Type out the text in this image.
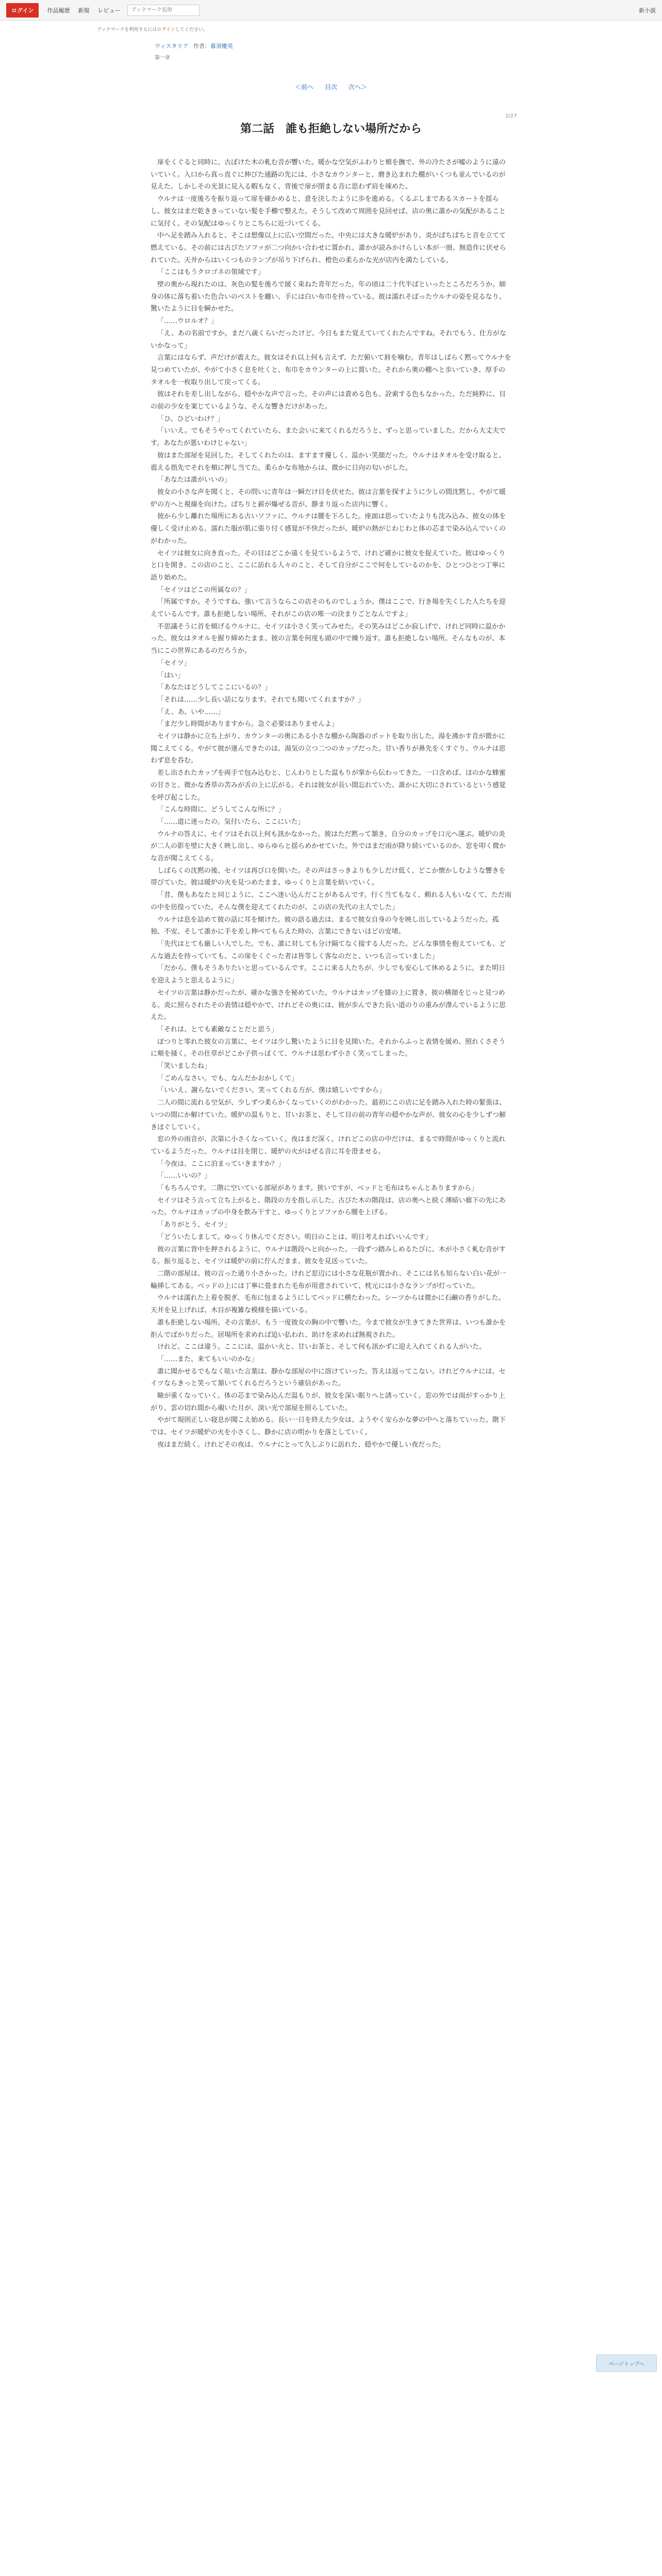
ログイン	作品履歴 新規 レビュー
ブックマーク追加	新小説
ブックマークを利用するにはログインしてください。
ウィスタリア 作者：暮須慶英
第一章
＜前へ 目次 次へ＞
2/27
第二話　誰も拒絶しない場所だから

扉をくぐると同時に、古ぼけた木の軋む音が響いた。暖かな空気がふわりと頬を撫で、外の冷たさが嘘のように遠のいていく。入口から真っ直ぐに伸びた通路の先には、小さなカウンターと、磨き込まれた棚がいくつも並んでいるのが見えた。しかしその光景に見入る暇もなく、背後で扉が閉まる音に思わず肩を竦めた。

ウルナは一度後ろを振り返って扉を確かめると、意を決したように歩を進める。くるぶしまであるスカートを揺らし、彼女はまだ乾ききっていない髪を手櫛で整えた。そうして改めて周囲を見回せば、店の奥に誰かの気配があることに気付く。その気配はゆっくりとこちらに近づいてくる。

中へ足を踏み入れると、そこは想像以上に広い空間だった。中央には大きな暖炉があり、炎がぱちぱちと音を立てて燃えている。その前には古びたソファが二つ向かい合わせに置かれ、誰かが読みかけらしい本が一冊、無造作に伏せられていた。天井からはいくつものランプが吊り下げられ、橙色の柔らかな光が店内を満たしている。

「ここはもうクロゴネの領域です」

壁の奥から現れたのは、灰色の髪を後ろで緩く束ねた青年だった。年の頃は二十代半ばといったところだろうか。細身の体に落ち着いた色合いのベストを纏い、手には白い布巾を持っている。彼は濡れそぼったウルナの姿を見るなり、驚いたように目を瞬かせた。

「……ウロルオ？」

「え、あの名前ですか。まだ八歳くらいだったけど、今日もまた覚えていてくれたんですね。それでもう、仕方がないかなって」

言葉にはならず、声だけが震えた。彼女はそれ以上何も言えず、ただ俯いて唇を噛む。青年はしばらく黙ってウルナを見つめていたが、やがて小さく息を吐くと、布巾をカウンターの上に置いた。それから奥の棚へと歩いていき、厚手のタオルを一枚取り出して戻ってくる。

彼はそれを差し出しながら、穏やかな声で言った。その声には責める色も、詮索する色もなかった。ただ純粋に、目の前の少女を案じているような、そんな響きだけがあった。

「ひ、ひどいわけ？」

「いいえ。でもそうやってくれていたら、また会いに来てくれるだろうと、ずっと思っていました。だから大丈夫です。あなたが悪いわけじゃない」

彼はまた部屋を見回した。そしてくれたのは、ますます優しく、温かい笑顔だった。ウルナはタオルを受け取ると、震える指先でそれを頬に押し当てた。柔らかな布地からは、微かに日向の匂いがした。

「あなたは誰がいいの」

彼女の小さな声を聞くと、その問いに青年は一瞬だけ目を伏せた。彼は言葉を探すように少しの間沈黙し、やがて暖炉の方へと視線を向けた。ぱちりと薪が爆ぜる音が、静まり返った店内に響く。

彼から少し離れた場所にある古いソファに、ウルナは腰を下ろした。座面は思っていたよりも沈み込み、彼女の体を優しく受け止める。濡れた服が肌に張り付く感覚が不快だったが、暖炉の熱がじわじわと体の芯まで染み込んでいくのがわかった。

セイツは彼女に向き直った。その目はどこか遠くを見ているようで、けれど確かに彼女を捉えていた。彼はゆっくりと口を開き、この店のこと、ここに訪れる人々のこと、そして自分がここで何をしているのかを、ひとつひとつ丁寧に語り始めた。

「セイツはどこの所属なの？」

「所属ですか。そうですね、強いて言うならこの店そのものでしょうか。僕はここで、行き場を失くした人たちを迎えているんです。誰も拒絶しない場所、それがこの店の唯一の決まりごとなんですよ」

不思議そうに首を傾げるウルナに、セイツは小さく笑ってみせた。その笑みはどこか寂しげで、けれど同時に温かかった。彼女はタオルを握り締めたまま、彼の言葉を何度も頭の中で繰り返す。誰も拒絶しない場所。そんなものが、本当にこの世界にあるのだろうか。

「セイツ」

「はい」

「あなたはどうしてここにいるの？」

「それは……少し長い話になります。それでも聞いてくれますか？」

「え、あ、いや……」

「まだ少し時間がありますから。急ぐ必要はありませんよ」

セイツは静かに立ち上がり、カウンターの奥にある小さな棚から陶器のポットを取り出した。湯を沸かす音が微かに聞こえてくる。やがて彼が運んできたのは、湯気の立つ二つのカップだった。甘い香りが鼻先をくすぐり、ウルナは思わず息を呑む。

差し出されたカップを両手で包み込むと、じんわりとした温もりが掌から伝わってきた。一口含めば、ほのかな蜂蜜の甘さと、微かな香草の苦みが舌の上に広がる。それは彼女が長い間忘れていた、誰かに大切にされているという感覚を呼び起こした。

「こんな時間に、どうしてこんな所に？」

「……道に迷ったの。気付いたら、ここにいた」

ウルナの答えに、セイツはそれ以上何も訊かなかった。彼はただ黙って頷き、自分のカップを口元へ運ぶ。暖炉の炎が二人の影を壁に大きく映し出し、ゆらゆらと揺らめかせていた。外ではまだ雨が降り続いているのか、窓を叩く微かな音が聞こえてくる。

しばらくの沈黙の後、セイツは再び口を開いた。その声はさっきよりも少しだけ低く、どこか懐かしむような響きを帯びていた。彼は暖炉の火を見つめたまま、ゆっくりと言葉を紡いでいく。

「昔、僕もあなたと同じように、ここへ迷い込んだことがあるんです。行く当てもなく、頼れる人もいなくて、ただ雨の中を彷徨っていた。そんな僕を迎えてくれたのが、この店の先代の主人でした」

ウルナは息を詰めて彼の話に耳を傾けた。彼の語る過去は、まるで彼女自身の今を映し出しているようだった。孤独、不安、そして誰かに手を差し伸べてもらえた時の、言葉にできないほどの安堵。

「先代はとても厳しい人でした。でも、誰に対しても分け隔てなく接する人だった。どんな事情を抱えていても、どんな過去を持っていても、この扉をくぐった者は皆等しく客なのだと、いつも言っていました」

「だから、僕もそうありたいと思っているんです。ここに来る人たちが、少しでも安心して休めるように。また明日を迎えようと思えるように」

セイツの言葉は静かだったが、確かな強さを秘めていた。ウルナはカップを膝の上に置き、彼の横顔をじっと見つめる。炎に照らされたその表情は穏やかで、けれどその奥には、彼が歩んできた長い道のりの重みが滲んでいるように思えた。

「それは、とても素敵なことだと思う」

ぽつりと零れた彼女の言葉に、セイツは少し驚いたように目を見開いた。それからふっと表情を緩め、照れくさそうに頬を掻く。その仕草がどこか子供っぽくて、ウルナは思わず小さく笑ってしまった。

「笑いましたね」

「ごめんなさい。でも、なんだかおかしくて」

「いいえ、謝らないでください。笑ってくれる方が、僕は嬉しいですから」

二人の間に流れる空気が、少しずつ柔らかくなっていくのがわかった。最初にこの店に足を踏み入れた時の緊張は、いつの間にか解けていた。暖炉の温もりと、甘いお茶と、そして目の前の青年の穏やかな声が、彼女の心を少しずつ解きほぐしていく。

窓の外の雨音が、次第に小さくなっていく。夜はまだ深く、けれどこの店の中だけは、まるで時間がゆっくりと流れているようだった。ウルナは目を閉じ、暖炉の火がはぜる音に耳を澄ませる。

「今夜は、ここに泊まっていきますか？」

「……いいの？」

「もちろんです。二階に空いている部屋があります。狭いですが、ベッドと毛布はちゃんとありますから」

セイツはそう言って立ち上がると、階段の方を指し示した。古びた木の階段は、店の奥へと続く薄暗い廊下の先にあった。ウルナはカップの中身を飲み干すと、ゆっくりとソファから腰を上げる。

「ありがとう、セイツ」

「どういたしまして。ゆっくり休んでください。明日のことは、明日考えればいいんです」

彼の言葉に背中を押されるように、ウルナは階段へと向かった。一段ずつ踏みしめるたびに、木が小さく軋む音がする。振り返ると、セイツは暖炉の前に佇んだまま、彼女を見送っていた。

二階の部屋は、彼の言った通り小さかった。けれど窓辺には小さな花瓶が置かれ、そこには名も知らない白い花が一輪挿してある。ベッドの上には丁寧に畳まれた毛布が用意されていて、枕元には小さなランプが灯っていた。

ウルナは濡れた上着を脱ぎ、毛布に包まるようにしてベッドに横たわった。シーツからは微かに石鹸の香りがした。天井を見上げれば、木目が複雑な模様を描いている。

誰も拒絶しない場所。その言葉が、もう一度彼女の胸の中で響いた。今まで彼女が生きてきた世界は、いつも誰かを拒んでばかりだった。居場所を求めれば追い払われ、助けを求めれば無視された。

けれど、ここは違う。ここには、温かい火と、甘いお茶と、そして何も訊かずに迎え入れてくれる人がいた。

「……また、来てもいいのかな」

誰に聞かせるでもなく呟いた言葉は、静かな部屋の中に溶けていった。答えは返ってこない。けれどウルナには、セイツならきっと笑って頷いてくれるだろうという確信があった。

瞼が重くなっていく。体の芯まで染み込んだ温もりが、彼女を深い眠りへと誘っていく。窓の外では雨がすっかり上がり、雲の切れ間から覗いた月が、淡い光で部屋を照らしていた。

やがて規則正しい寝息が聞こえ始める。長い一日を終えた少女は、ようやく安らかな夢の中へと落ちていった。階下では、セイツが暖炉の火を小さくし、静かに店の明かりを落としていく。

夜はまだ続く。けれどその夜は、ウルナにとって久しぶりに訪れた、穏やかで優しい夜だった。

ページトップへ
